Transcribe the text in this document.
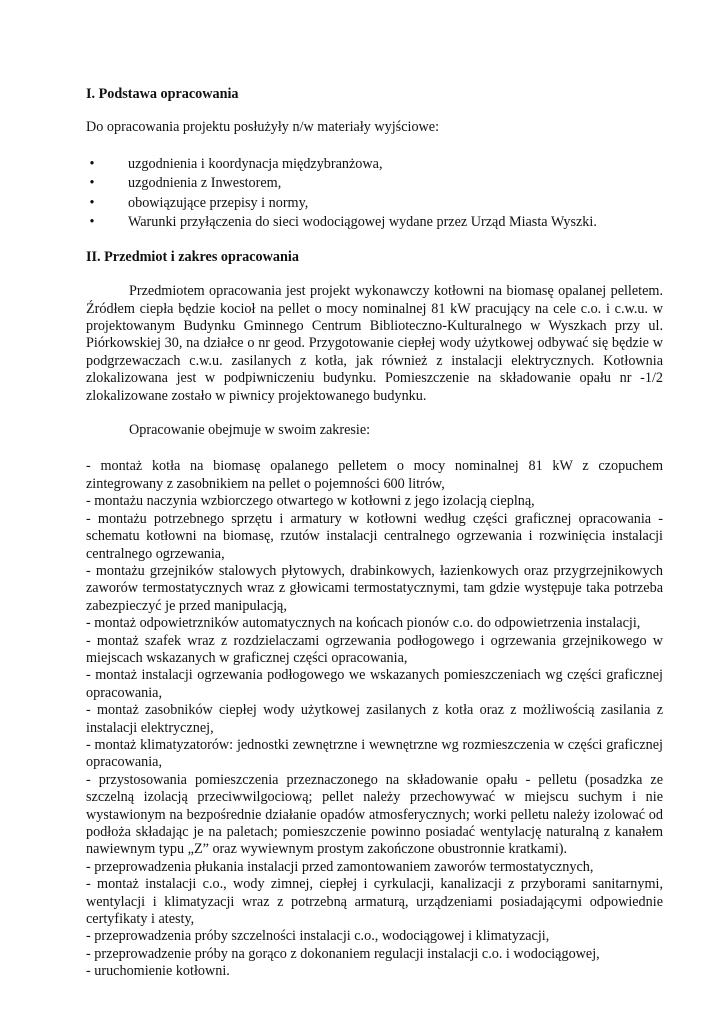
I. Podstawa opracowania

Do opracowania projektu posłużyły n/w materiały wyjściowe:

• uzgodnienia i koordynacja międzybranżowa,
• uzgodnienia z Inwestorem,
• obowiązujące przepisy i normy,
• Warunki przyłączenia do sieci wodociągowej wydane przez Urząd Miasta Wyszki.
II. Przedmiot i zakres opracowania

Przedmiotem opracowania jest projekt wykonawczy kotłowni na biomasę opalanej pelletem. Źródłem ciepła będzie kocioł na pellet o mocy nominalnej 81 kW pracujący na cele c.o. i c.w.u. w projektowanym Budynku Gminnego Centrum Biblioteczno-Kulturalnego w Wyszkach przy ul. Piórkowskiej 30, na działce o nr geod. Przygotowanie ciepłej wody użytkowej odbywać się będzie w podgrzewaczach c.w.u. zasilanych z kotła, jak również z instalacji elektrycznych. Kotłownia zlokalizowana jest w podpiwniczeniu budynku. Pomieszczenie na składowanie opału nr -1/2 zlokalizowane zostało w piwnicy projektowanego budynku.

Opracowanie obejmuje w swoim zakresie:

- montaż kotła na biomasę opalanego pelletem o mocy nominalnej 81 kW z czopuchem zintegrowany z zasobnikiem na pellet o pojemności 600 litrów,

- montażu naczynia wzbiorczego otwartego w kotłowni z jego izolacją cieplną,

- montażu potrzebnego sprzętu i armatury w kotłowni według części graficznej opracowania - schematu kotłowni na biomasę, rzutów instalacji centralnego ogrzewania i rozwinięcia instalacji centralnego ogrzewania,

- montażu grzejników stalowych płytowych, drabinkowych, łazienkowych oraz przygrzejnikowych zaworów termostatycznych wraz z głowicami termostatycznymi, tam gdzie występuje taka potrzeba zabezpieczyć je przed manipulacją,

- montaż odpowietrzników automatycznych na końcach pionów c.o. do odpowietrzenia instalacji,

- montaż szafek wraz z rozdzielaczami ogrzewania podłogowego i ogrzewania grzejnikowego w miejscach wskazanych w graficznej części opracowania,

- montaż instalacji ogrzewania podłogowego we wskazanych pomieszczeniach wg części graficznej opracowania,

- montaż zasobników ciepłej wody użytkowej zasilanych z kotła oraz z możliwością zasilania z instalacji elektrycznej,

- montaż klimatyzatorów: jednostki zewnętrzne i wewnętrzne wg rozmieszczenia w części graficznej opracowania,

- przystosowania pomieszczenia przeznaczonego na składowanie opału - pelletu (posadzka ze szczelną izolacją przeciwwilgociową; pellet należy przechowywać w miejscu suchym i nie wystawionym na bezpośrednie działanie opadów atmosferycznych; worki pelletu należy izolować od podłoża składając je na paletach; pomieszczenie powinno posiadać wentylację naturalną z kanałem nawiewnym typu „Z” oraz wywiewnym prostym zakończone obustronnie kratkami).

- przeprowadzenia płukania instalacji przed zamontowaniem zaworów termostatycznych,

- montaż instalacji c.o., wody zimnej, ciepłej i cyrkulacji, kanalizacji z przyborami sanitarnymi, wentylacji i klimatyzacji wraz z potrzebną armaturą, urządzeniami posiadającymi odpowiednie certyfikaty i atesty,

- przeprowadzenia próby szczelności instalacji c.o., wodociągowej i klimatyzacji,

- przeprowadzenie próby na gorąco z dokonaniem regulacji instalacji c.o. i wodociągowej,

- uruchomienie kotłowni.
